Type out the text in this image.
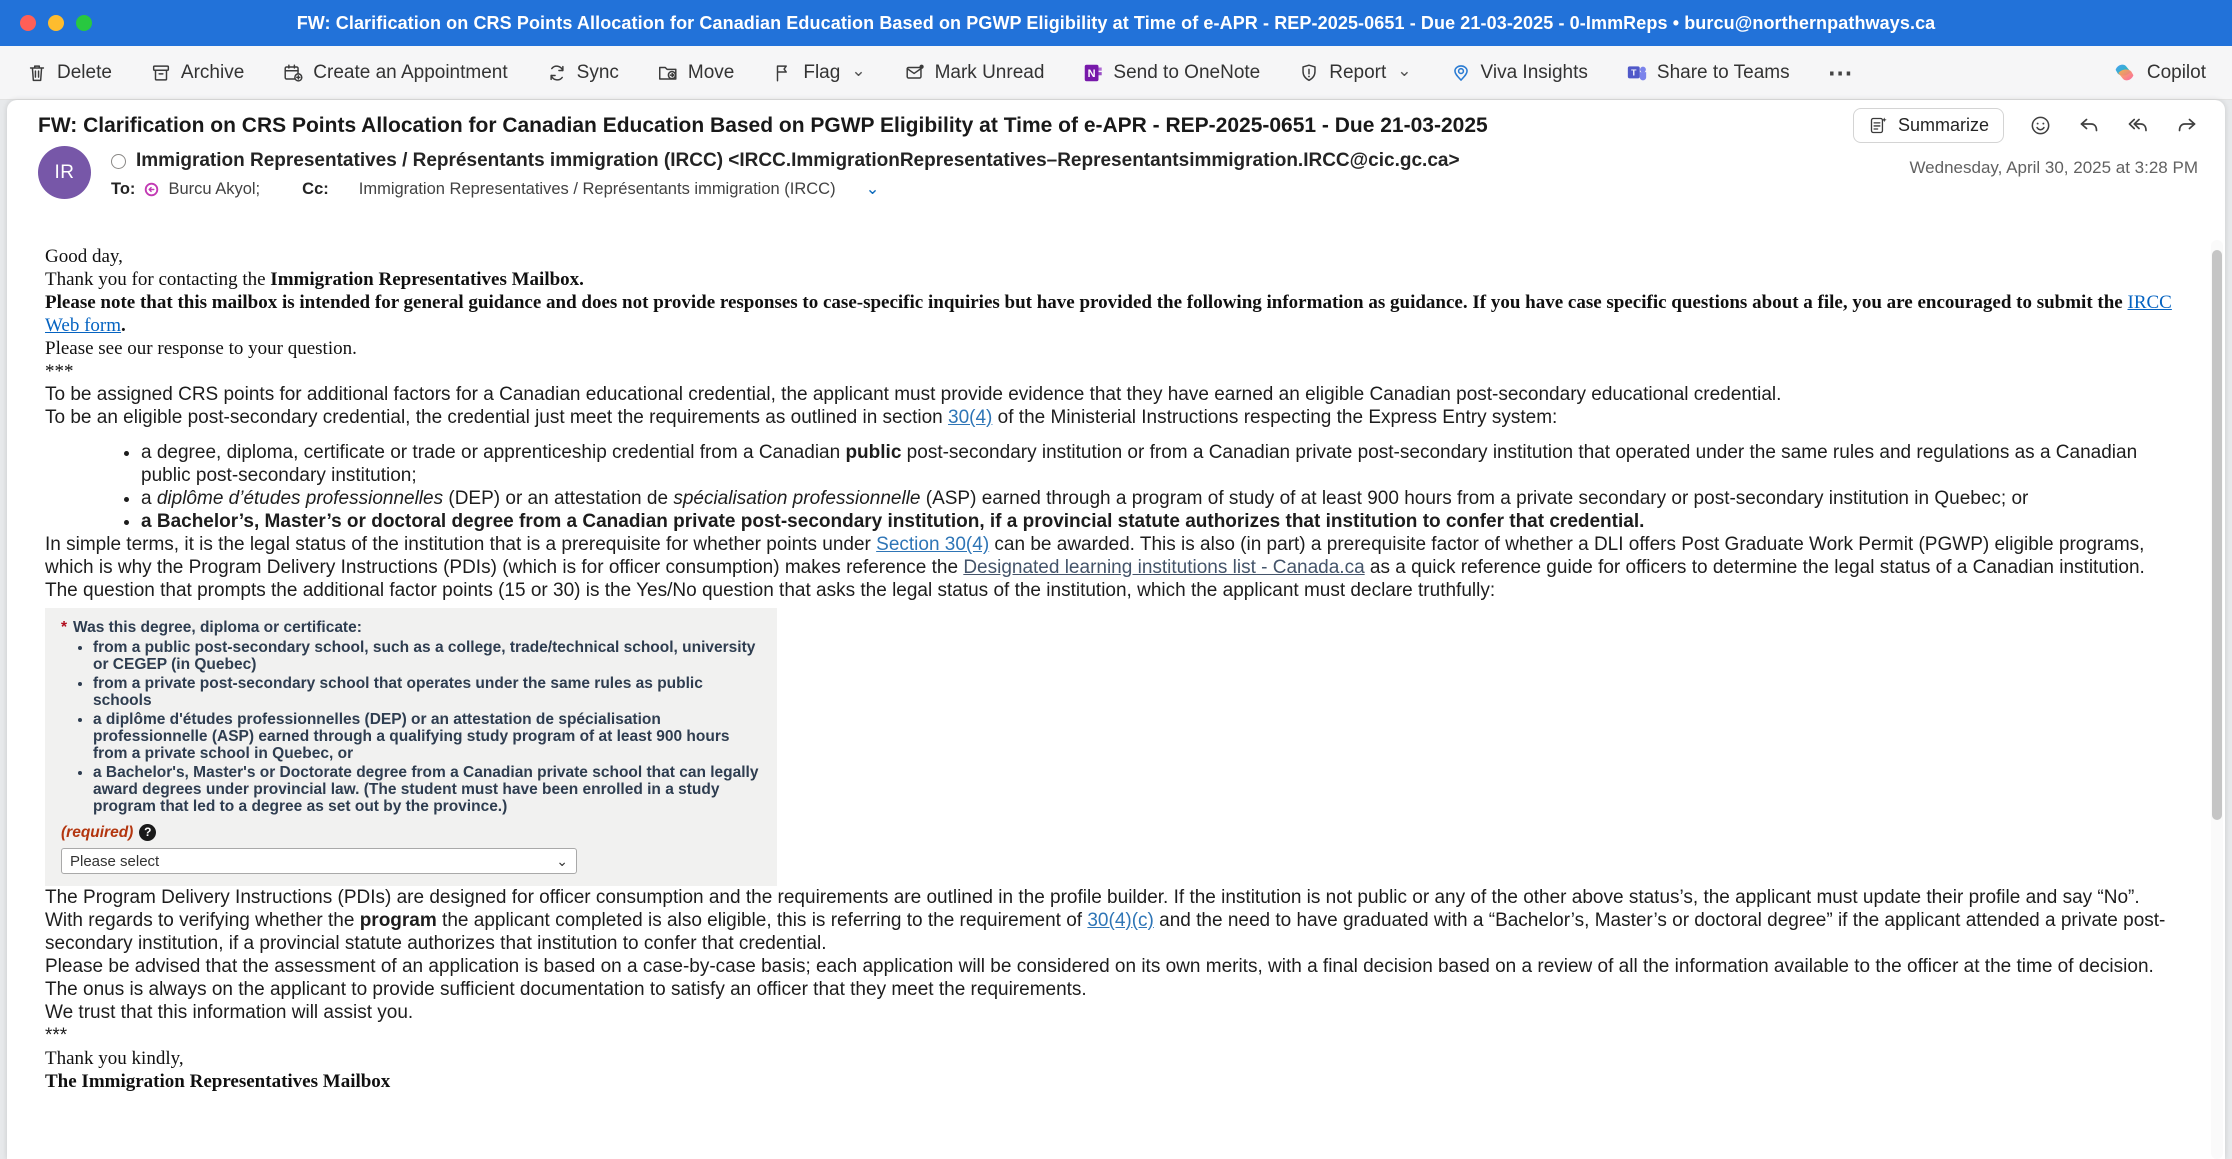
FW: Clarification on CRS Points Allocation for Canadian Education Based on PGWP Eligibility at Time of e-APR - REP-2025-0651 - Due 21-03-2025 - 0-ImmReps • burcu@northernpathways.ca
Delete	Archive	Create an Appointment	Sync	Move	Flag ⌄	Mark Unread	N Send to OneNote	Report ⌄	Viva Insights	T Share to Teams ⋯	Copilot
FW: Clarification on CRS Points Allocation for Canadian Education Based on PGWP Eligibility at Time of e-APR - REP-2025-0651 - Due 21-03-2025	Summarize
Wednesday, April 30, 2025 at 3:28 PM
IR
Immigration Representatives / Représentants immigration (IRCC) <IRCC.ImmigrationRepresentatives–Representantsimmigration.IRCC@cic.gc.ca>
To: Burcu Akyol;	Cc: Immigration Representatives / Représentants immigration (IRCC) ⌄

Good day,

Thank you for contacting the Immigration Representatives Mailbox.

Please note that this mailbox is intended for general guidance and does not provide responses to case-specific inquiries but have provided the following information as guidance. If you have case specific questions about a file, you are encouraged to submit the IRCC Web form.

Please see our response to your question.

***

To be assigned CRS points for additional factors for a Canadian educational credential, the applicant must provide evidence that they have earned an eligible Canadian post-secondary educational credential.

To be an eligible post-secondary credential, the credential just meet the requirements as outlined in section 30(4) of the Ministerial Instructions respecting the Express Entry system:

• a degree, diploma, certificate or trade or apprenticeship credential from a Canadian public post-secondary institution or from a Canadian private post-secondary institution that operated under the same rules and regulations as a Canadian public post-secondary institution;
• a diplôme d’études professionnelles (DEP) or an attestation de spécialisation professionnelle (ASP) earned through a program of study of at least 900 hours from a private secondary or post-secondary institution in Quebec; or
• a Bachelor’s, Master’s or doctoral degree from a Canadian private post-secondary institution, if a provincial statute authorizes that institution to confer that credential.

In simple terms, it is the legal status of the institution that is a prerequisite for whether points under Section 30(4) can be awarded. This is also (in part) a prerequisite factor of whether a DLI offers Post Graduate Work Permit (PGWP) eligible programs, which is why the Program Delivery Instructions (PDIs) (which is for officer consumption) makes reference the Designated learning institutions list - Canada.ca as a quick reference guide for officers to determine the legal status of a Canadian institution.

The question that prompts the additional factor points (15 or 30) is the Yes/No question that asks the legal status of the institution, which the applicant must declare truthfully:

* Was this degree, diploma or certificate:
• from a public post-secondary school, such as a college, trade/technical school, university or CEGEP (in Quebec)
• from a private post-secondary school that operates under the same rules as public schools
• a diplôme d'études professionnelles (DEP) or an attestation de spécialisation professionnelle (ASP) earned through a qualifying study program of at least 900 hours from a private school in Quebec, or
• a Bachelor's, Master's or Doctorate degree from a Canadian private school that can legally award degrees under provincial law. (The student must have been enrolled in a study program that led to a degree as set out by the province.)
(required) ?
Please select	⌄

The Program Delivery Instructions (PDIs) are designed for officer consumption and the requirements are outlined in the profile builder. If the institution is not public or any of the other above status’s, the applicant must update their profile and say “No”. With regards to verifying whether the program the applicant completed is also eligible, this is referring to the requirement of 30(4)(c) and the need to have graduated with a “Bachelor’s, Master’s or doctoral degree” if the applicant attended a private post-secondary institution, if a provincial statute authorizes that institution to confer that credential.

Please be advised that the assessment of an application is based on a case-by-case basis; each application will be considered on its own merits, with a final decision based on a review of all the information available to the officer at the time of decision. The onus is always on the applicant to provide sufficient documentation to satisfy an officer that they meet the requirements.

We trust that this information will assist you.

***

Thank you kindly,

The Immigration Representatives Mailbox
